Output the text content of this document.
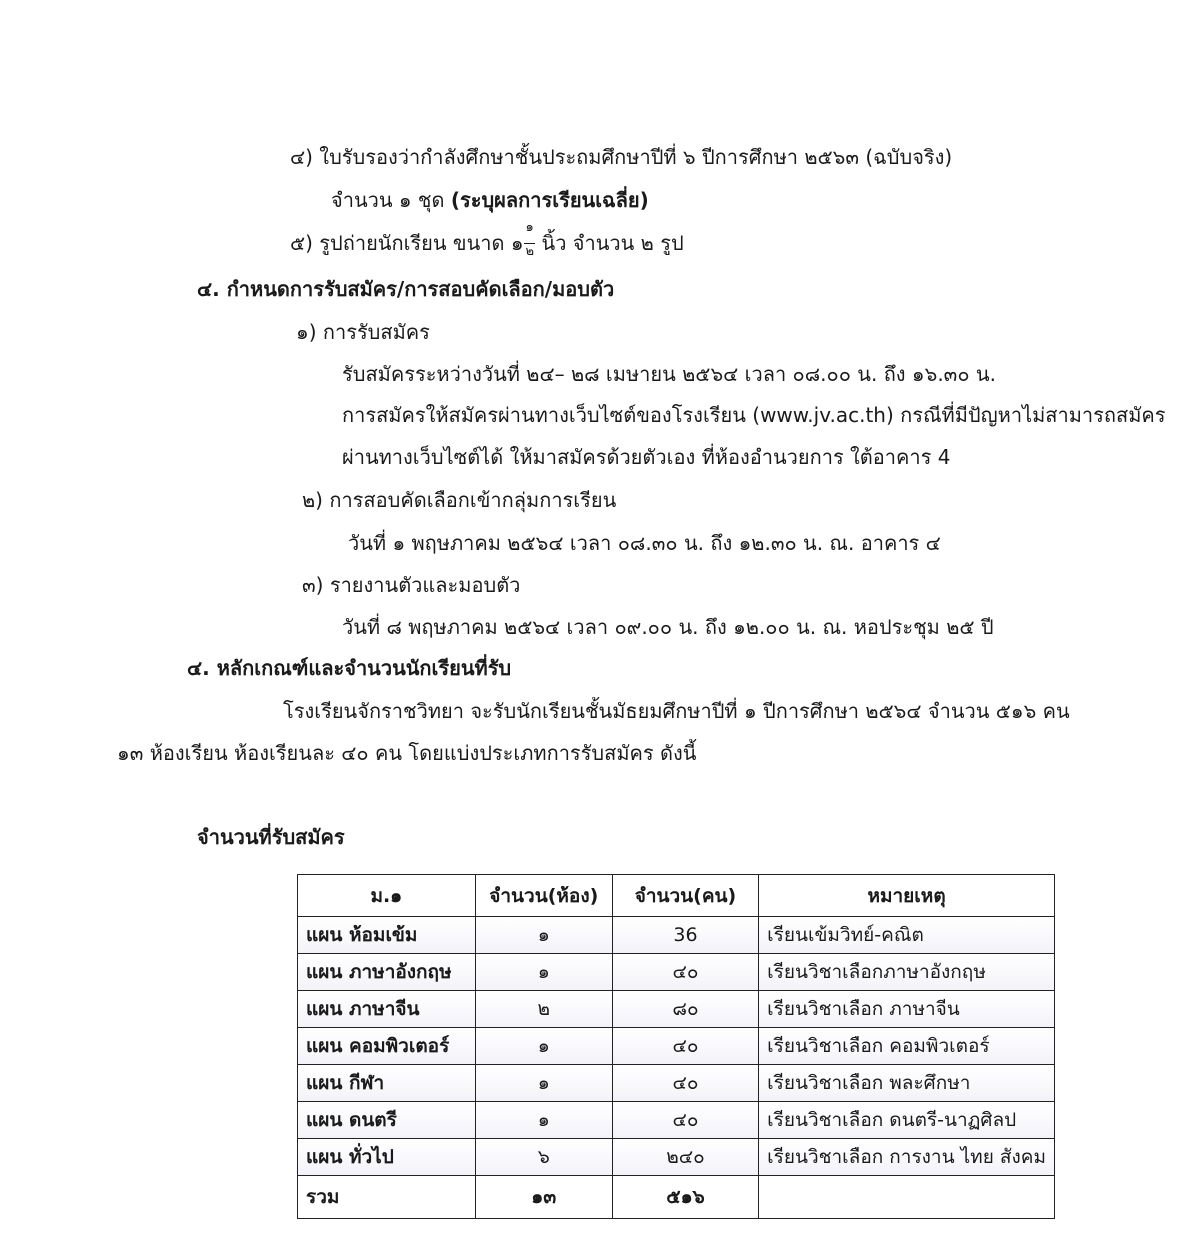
๔) ใบรับรองว่ากำลังศึกษาชั้นประถมศึกษาปีที่ ๖ ปีการศึกษา ๒๕๖๓ (ฉบับจริง)
จำนวน ๑ ชุด (ระบุผลการเรียนเฉลี่ย)
๕) รูปถ่ายนักเรียน ขนาด ๑ $\frac{๑}{๒}$ นิ้ว จำนวน ๒ รูป
๔. กำหนดการรับสมัคร/การสอบคัดเลือก/มอบตัว
๑) การรับสมัคร
รับสมัครระหว่างวันที่ ๒๔– ๒๘ เมษายน ๒๕๖๔ เวลา ๐๘.๐๐ น. ถึง ๑๖.๓๐ น.
การสมัครให้สมัครผ่านทางเว็บไซต์ของโรงเรียน (www.jv.ac.th) กรณีที่มีปัญหาไม่สามารถสมัคร
ผ่านทางเว็บไซต์ได้ ให้มาสมัครด้วยตัวเอง ที่ห้องอำนวยการ ใต้อาคาร 4
๒) การสอบคัดเลือกเข้ากลุ่มการเรียน
วันที่ ๑ พฤษภาคม ๒๕๖๔ เวลา ๐๘.๓๐ น. ถึง ๑๒.๓๐ น. ณ. อาคาร ๔
๓) รายงานตัวและมอบตัว
วันที่ ๘ พฤษภาคม ๒๕๖๔ เวลา ๐๙.๐๐ น. ถึง ๑๒.๐๐ น. ณ. หอประชุม ๒๕ ปี
๔. หลักเกณฑ์และจำนวนนักเรียนที่รับ
โรงเรียนจักราชวิทยา จะรับนักเรียนชั้นมัธยมศึกษาปีที่ ๑ ปีการศึกษา ๒๕๖๔ จำนวน ๕๑๖ คน
๑๓ ห้องเรียน ห้องเรียนละ ๔๐ คน โดยแบ่งประเภทการรับสมัคร ดังนี้
จำนวนที่รับสมัคร
ม.๑	จำนวน(ห้อง)	จำนวน(คน)	หมายเหตุ
แผน ห้อมเข้ม	๑	36	เรียนเข้มวิทย์-คณิต
แผน ภาษาอังกฤษ	๑	๔๐	เรียนวิชาเลือกภาษาอังกฤษ
แผน ภาษาจีน	๒	๘๐	เรียนวิชาเลือก ภาษาจีน
แผน คอมพิวเตอร์	๑	๔๐	เรียนวิชาเลือก คอมพิวเตอร์
แผน กีฬา	๑	๔๐	เรียนวิชาเลือก พละศึกษา
แผน ดนตรี	๑	๔๐	เรียนวิชาเลือก ดนตรี-นาฏศิลป
แผน ทั่วไป	๖	๒๔๐	เรียนวิชาเลือก การงาน ไทย สังคม
รวม	๑๓	๕๑๖	
